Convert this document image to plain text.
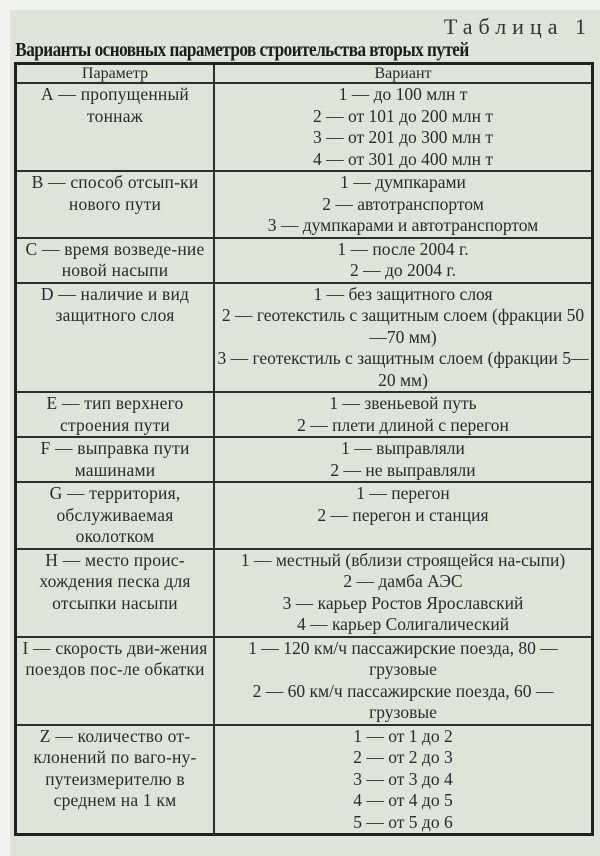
Таблица 1
Варианты основных параметров строительства вторых путей
Параметр	Вариант
А — пропущенный тоннаж	1 — до 100 млн т
2 — от 101 до 200 млн т
3 — от 201 до 300 млн т
4 — от 301 до 400 млн т

В — способ отсып-ки нового пути	1 — думпкарами
2 — автотранспортом
3 — думпкарами и автотранспортом

С — время возведе-ние новой насыпи	1 — после 2004 г.
2 — до 2004 г.

D — наличие и вид защитного слоя	1 — без защитного слоя
2 — геотекстиль с защитным слоем (фракции 50—70 мм)
3 — геотекстиль с защитным слоем (фракции 5—20 мм)

Е — тип верхнего строения пути	1 — звеньевой путь
2 — плети длиной с перегон

F — выправка пути машинами	1 — выправляли
2 — не выправляли

G — территория, обслуживаемая околотком	1 — перегон
2 — перегон и станция

Н — место проис-хождения песка для отсыпки насыпи	1 — местный (вблизи строящейся на-сыпи)
2 — дамба АЭС
3 — карьер Ростов Ярославский
4 — карьер Солигалический

I — скорость дви-жения поездов пос-ле обкатки	1 — 120 км/ч пассажирские поезда, 80 — грузовые
2 — 60 км/ч пассажирские поезда, 60 — грузовые

Z — количество от-клонений по ваго-ну-путеизмерителю в среднем на 1 км	1 — от 1 до 2
2 — от 2 до 3
3 — от 3 до 4
4 — от 4 до 5
5 — от 5 до 6
